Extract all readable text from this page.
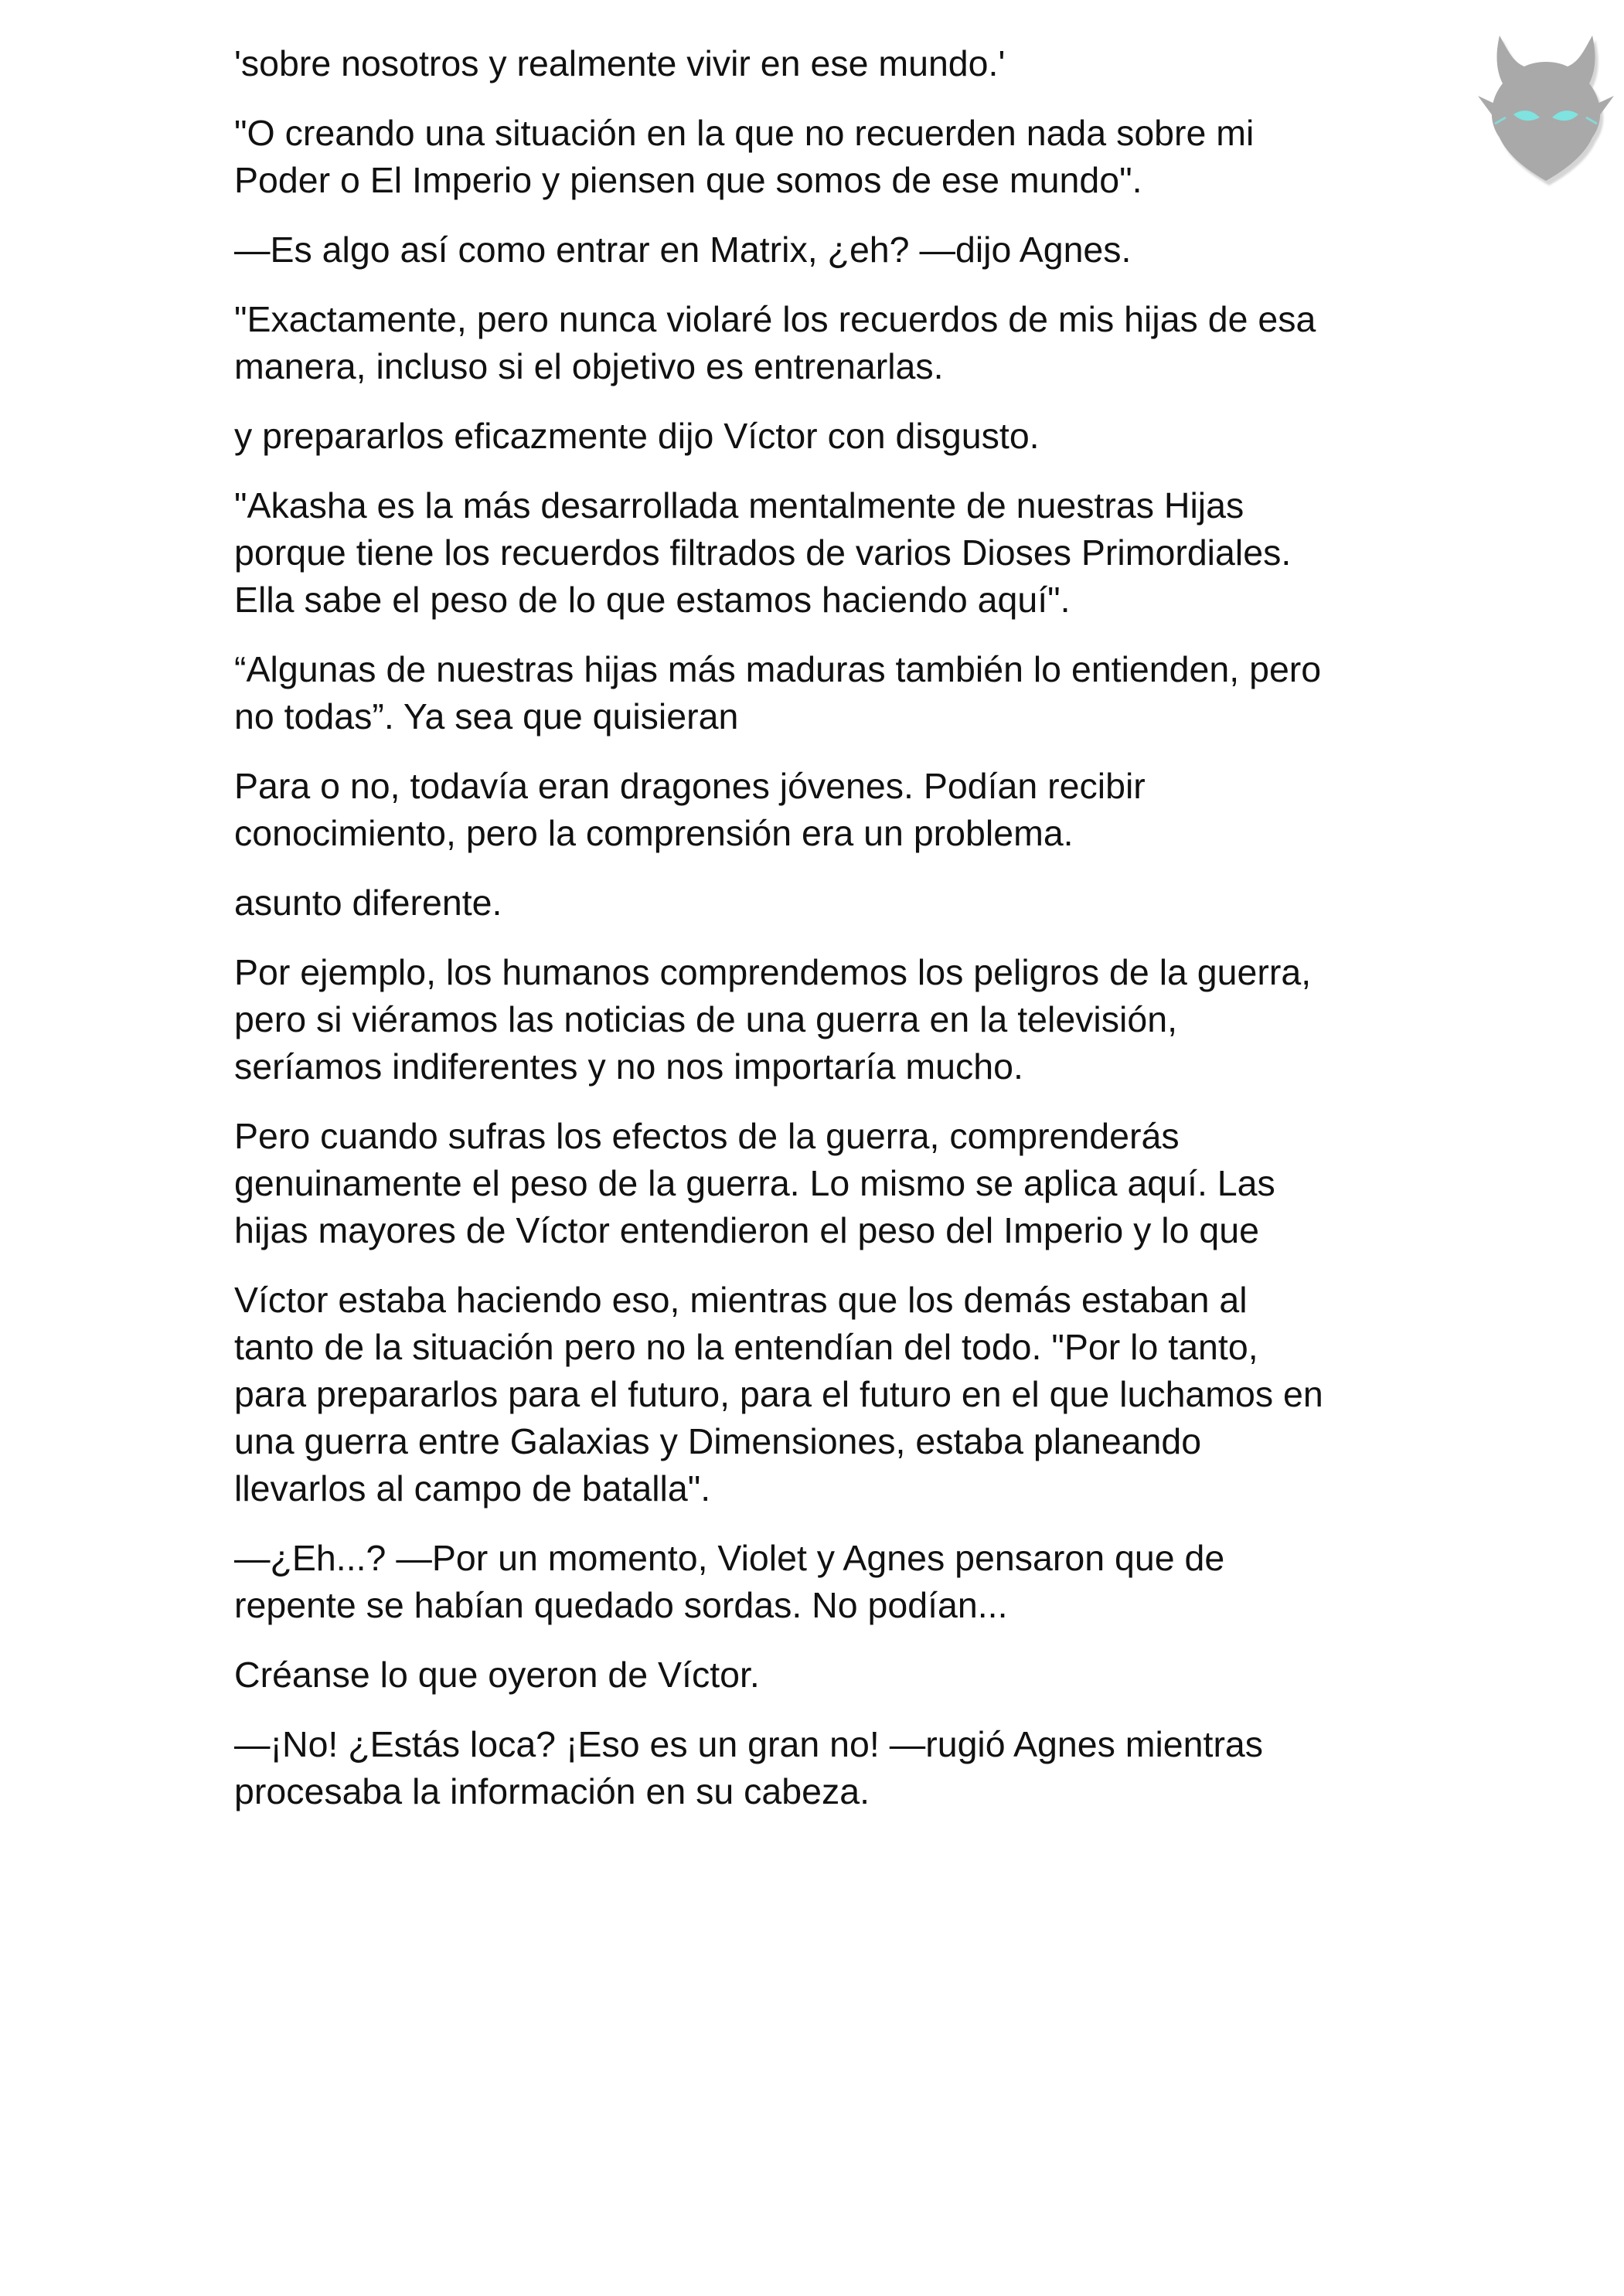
'sobre nosotros y realmente vivir en ese mundo.'

"O creando una situación en la que no recuerden nada sobre mi
Poder o El Imperio y piensen que somos de ese mundo".

—Es algo así como entrar en Matrix, ¿eh? —dijo Agnes.

"Exactamente, pero nunca violaré los recuerdos de mis hijas de esa
manera, incluso si el objetivo es entrenarlas.

y prepararlos eficazmente dijo Víctor con disgusto.

"Akasha es la más desarrollada mentalmente de nuestras Hijas
porque tiene los recuerdos filtrados de varios Dioses Primordiales.
Ella sabe el peso de lo que estamos haciendo aquí".

“Algunas de nuestras hijas más maduras también lo entienden, pero
no todas”. Ya sea que quisieran

Para o no, todavía eran dragones jóvenes. Podían recibir
conocimiento, pero la comprensión era un problema.

asunto diferente.

Por ejemplo, los humanos comprendemos los peligros de la guerra,
pero si viéramos las noticias de una guerra en la televisión,
seríamos indiferentes y no nos importaría mucho.

Pero cuando sufras los efectos de la guerra, comprenderás
genuinamente el peso de la guerra. Lo mismo se aplica aquí. Las
hijas mayores de Víctor entendieron el peso del Imperio y lo que

Víctor estaba haciendo eso, mientras que los demás estaban al
tanto de la situación pero no la entendían del todo. "Por lo tanto,
para prepararlos para el futuro, para el futuro en el que luchamos en
una guerra entre Galaxias y Dimensiones, estaba planeando
llevarlos al campo de batalla".

—¿Eh...? —Por un momento, Violet y Agnes pensaron que de
repente se habían quedado sordas. No podían...

Créanse lo que oyeron de Víctor.

—¡No! ¿Estás loca? ¡Eso es un gran no! —rugió Agnes mientras
procesaba la información en su cabeza.
